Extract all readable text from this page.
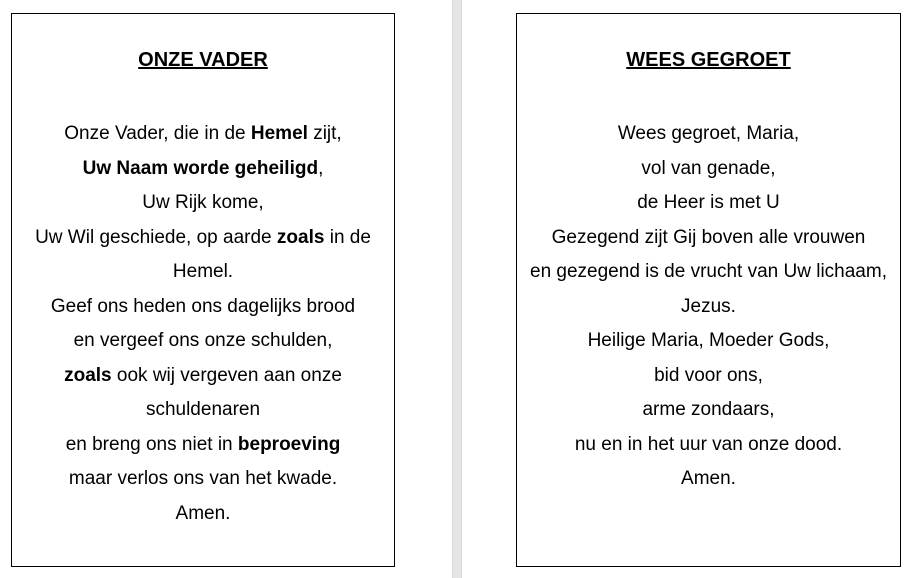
ONZE VADER
Onze Vader, die in de Hemel zijt,
Uw Naam worde geheiligd,
Uw Rijk kome,
Uw Wil geschiede, op aarde zoals in de Hemel.
Geef ons heden ons dagelijks brood
en vergeef ons onze schulden,
zoals ook wij vergeven aan onze schuldenaren
en breng ons niet in beproeving
maar verlos ons van het kwade.
Amen.
WEES GEGROET
Wees gegroet, Maria,
vol van genade,
de Heer is met U
Gezegend zijt Gij boven alle vrouwen
en gezegend is de vrucht van Uw lichaam, Jezus.
Heilige Maria, Moeder Gods,
bid voor ons,
arme zondaars,
nu en in het uur van onze dood.
Amen.
